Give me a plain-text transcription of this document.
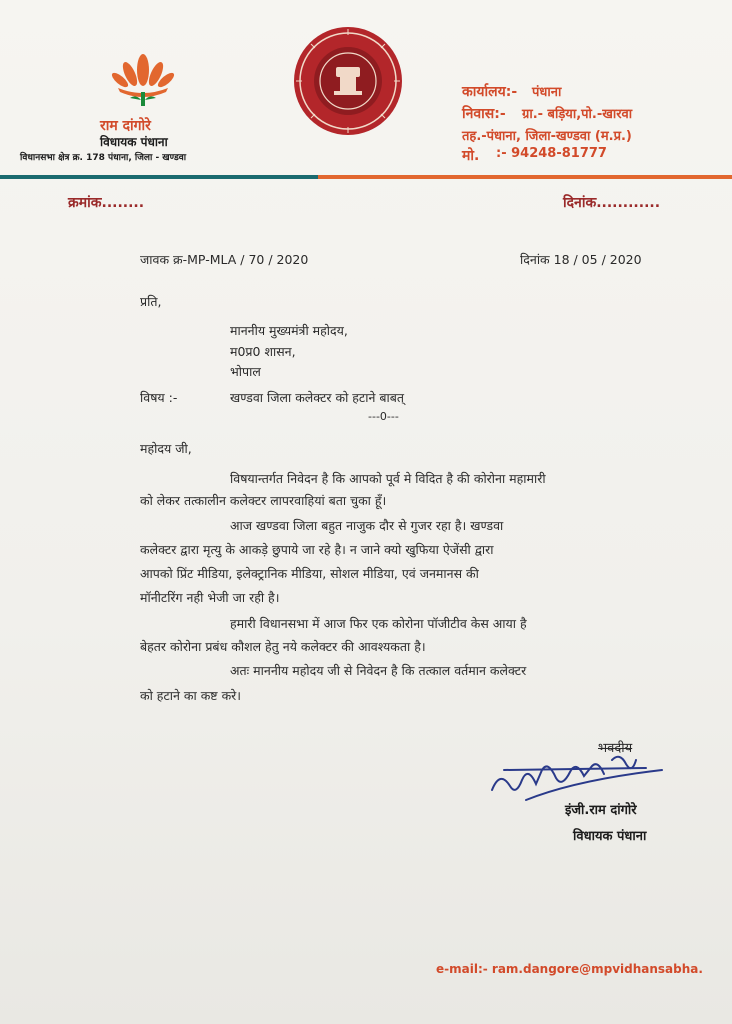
राम दांगोरे
विधायक पंधाना
विधानसभा क्षेत्र क्र. 178 पंधाना, जिला - खण्डवा
कार्यालय:- पंधाना
निवास:- ग्रा.- बड़िया,पो.-खारवा
तह.-पंधाना, जिला-खण्डवा (म.प्र.)
मो. :- 94248-81777
क्रमांक........	दिनांक............
जावक क्र-MP-MLA / 70 / 2020	दिनांक 18 / 05 / 2020
प्रति,
माननीय मुख्यमंत्री महोदय,
म0प्र0 शासन,
भोपाल
विषय :-	खण्डवा जिला कलेक्टर को हटाने बाबत्
---0---
महोदय जी,
विषयान्तर्गत निवेदन है कि आपको पूर्व मे विदित है की कोरोना महामारी
को लेकर तत्कालीन कलेक्टर लापरवाहियां बता चुका हूँ।
आज खण्डवा जिला बहुत नाजुक दौर से गुजर रहा है। खण्डवा
कलेक्टर द्वारा मृत्यु के आकड़े छुपाये जा रहे है। न जाने क्यो खुफिया ऐजेंसी द्वारा
आपको प्रिंट मीडिया, इलेक्ट्रानिक मीडिया, सोशल मीडिया, एवं जनमानस की
मॉनीटरिंग नही भेजी जा रही है।
हमारी विधानसभा में आज फिर एक कोरोना पॉजीटीव केस आया है
बेहतर कोरोना प्रबंध कौशल हेतु नये कलेक्टर की आवश्यकता है।
अतः माननीय महोदय जी से निवेदन है कि तत्काल वर्तमान कलेक्टर
को हटाने का कष्ट करे।
भवदीय
इंजी.राम दांगोरे
विधायक पंधाना
e-mail:- ram.dangore@mpvidhansabha.
